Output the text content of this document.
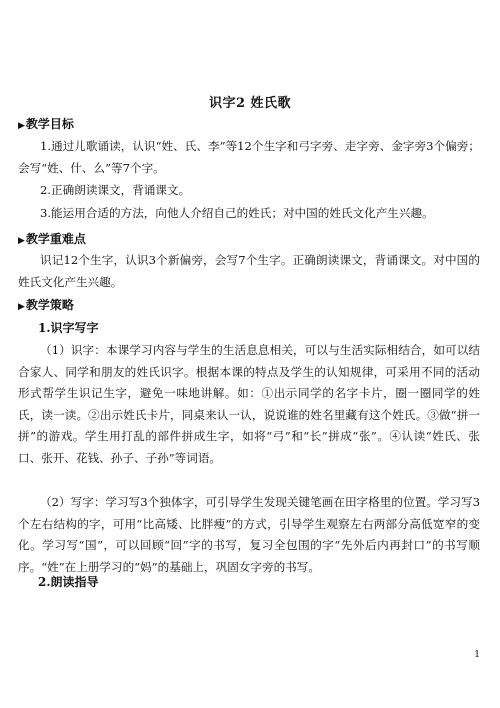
识字2 姓氏歌
▶教学目标

1.通过儿歌诵读，认识“姓、氏、李”等12个生字和弓字旁、走字旁、金字旁3个偏旁；会写“姓、什、么”等7个字。

2.正确朗读课文，背诵课文。

3.能运用合适的方法，向他人介绍自己的姓氏；对中国的姓氏文化产生兴趣。

▶教学重难点

识记12个生字，认识3个新偏旁，会写7个生字。正确朗读课文，背诵课文。对中国的姓氏文化产生兴趣。

▶教学策略
1.识字写字

（1）识字：本课学习内容与学生的生活息息相关，可以与生活实际相结合，如可以结合家人、同学和朋友的姓氏识字。根据本课的特点及学生的认知规律，可采用不同的活动形式帮学生识记生字，避免一味地讲解。如：①出示同学的名字卡片，圈一圈同学的姓氏，读一读。②出示姓氏卡片，同桌来认一认，说说谁的姓名里藏有这个姓氏。③做“拼一拼”的游戏。学生用打乱的部件拼成生字，如将“弓”和“长”拼成“张”。④认读“姓氏、张口、张开、花钱、孙子、子孙”等词语。

（2）写字：学习写3个独体字，可引导学生发现关键笔画在田字格里的位置。学习写3个左右结构的字，可用“比高矮、比胖瘦”的方式，引导学生观察左右两部分高低宽窄的变化。学习写“国”，可以回顾“回”字的书写，复习全包围的字“先外后内再封口”的书写顺序。“姓”在上册学习的“妈”的基础上，巩固女字旁的书写。

2.朗读指导
1
